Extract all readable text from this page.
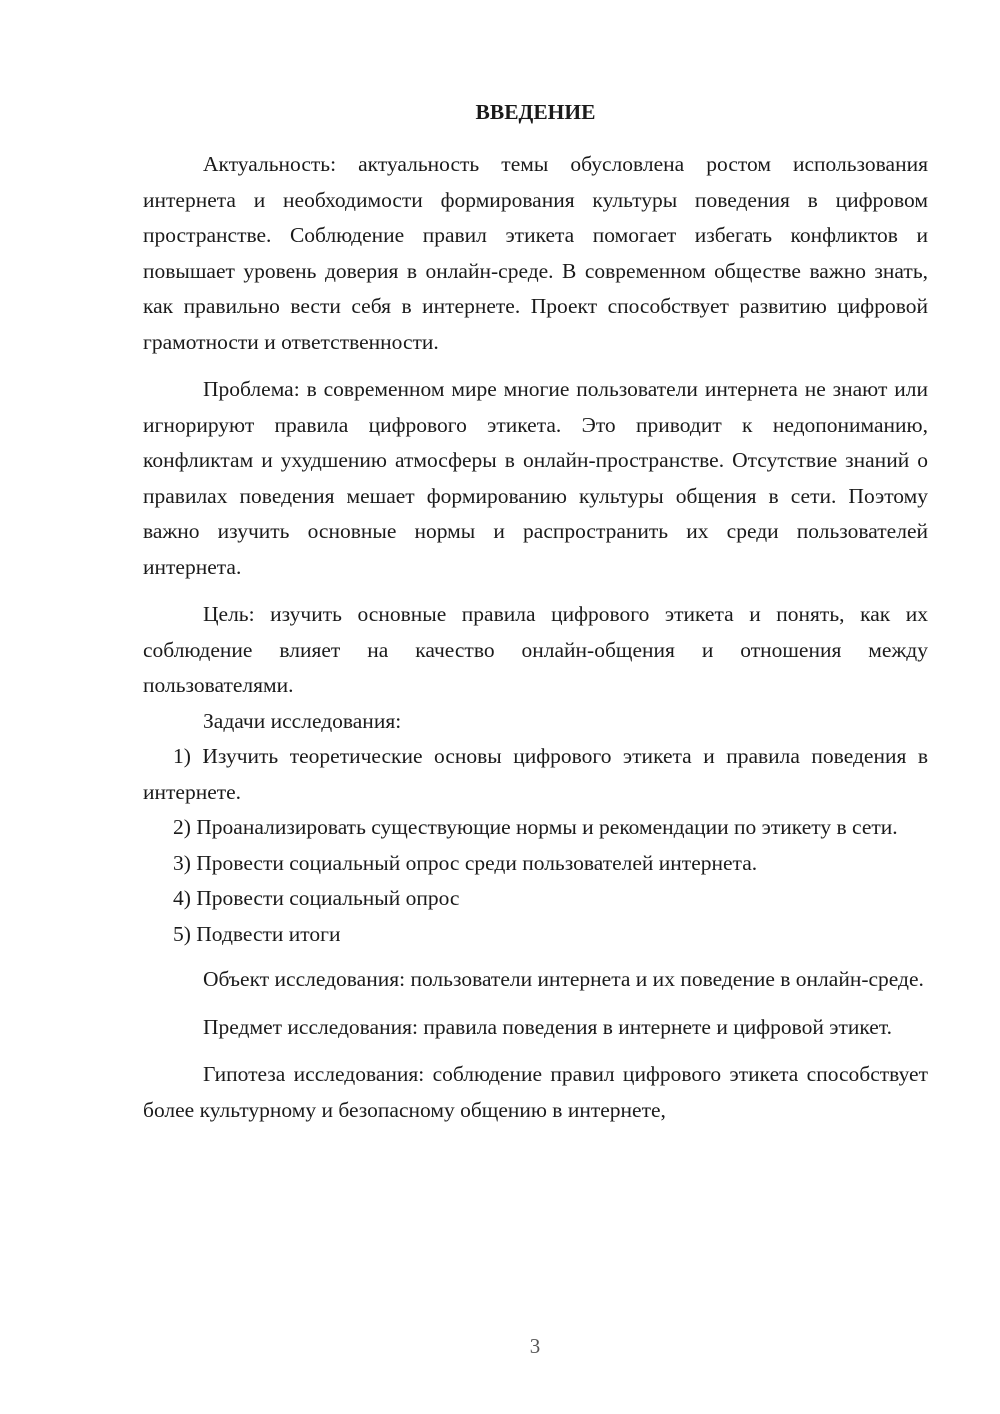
ВВЕДЕНИЕ

Актуальность: актуальность темы обусловлена ростом использования интернета и необходимости формирования культуры поведения в цифровом пространстве. Соблюдение правил этикета помогает избегать конфликтов и повышает уровень доверия в онлайн-среде. В современном обществе важно знать, как правильно вести себя в интернете. Проект способствует развитию цифровой грамотности и ответственности.

Проблема: в современном мире многие пользователи интернета не знают или игнорируют правила цифрового этикета. Это приводит к недопониманию, конфликтам и ухудшению атмосферы в онлайн-пространстве. Отсутствие знаний о правилах поведения мешает формированию культуры общения в сети. Поэтому важно изучить основные нормы и распространить их среди пользователей интернета.

Цель: изучить основные правила цифрового этикета и понять, как их соблюдение влияет на качество онлайн-общения и отношения между пользователями.

Задачи исследования:

1) Изучить теоретические основы цифрового этикета и правила поведения в интернете.

2) Проанализировать существующие нормы и рекомендации по этикету в сети.

3) Провести социальный опрос среди пользователей интернета.

4) Провести социальный опрос

5) Подвести итоги

Объект исследования: пользователи интернета и их поведение в онлайн-среде.

Предмет исследования: правила поведения в интернете и цифровой этикет.

Гипотеза исследования: соблюдение правил цифрового этикета способствует более культурному и безопасному общению в интернете,

3
